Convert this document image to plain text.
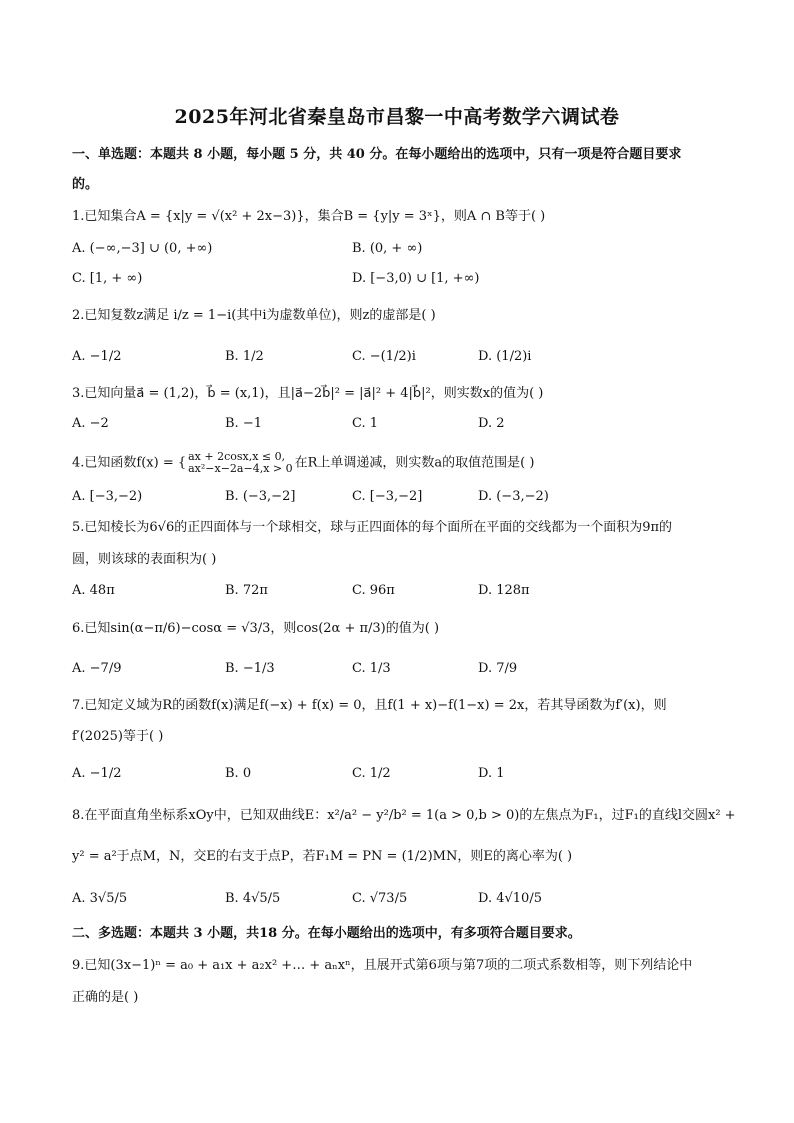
2025年河北省秦皇岛市昌黎一中高考数学六调试卷
一、单选题：本题共 8 小题，每小题 5 分，共 40 分。在每小题给出的选项中，只有一项是符合题目要求
的。
1.已知集合A = {x|y = √(x² + 2x−3)}，集合B = {y|y = 3ˣ}，则A ∩ B等于( )
A. (−∞,−3] ∪ (0, +∞)	B. (0, + ∞)
C. [1, + ∞)	D. [−3,0) ∪ [1, +∞)
2.已知复数z满足 i/z = 1−i(其中i为虚数单位)，则z的虚部是( )
A. −1/2	B. 1/2	C. −(1/2)i	D. (1/2)i
3.已知向量a⃗ = (1,2)，b⃗ = (x,1)，且|a⃗−2b⃗|² = |a⃗|² + 4|b⃗|²，则实数x的值为( )
A. −2	B. −1	C. 1	D. 2
4.已知函数f(x) = { ax + 2cosx,x ≤ 0,
ax²−x−2a−4,x > 0 在R上单调递减，则实数a的取值范围是( )
A. [−3,−2)	B. (−3,−2]	C. [−3,−2]	D. (−3,−2)
5.已知棱长为6√6的正四面体与一个球相交，球与正四面体的每个面所在平面的交线都为一个面积为9π的
圆，则该球的表面积为( )
A. 48π	B. 72π	C. 96π	D. 128π
6.已知sin(α−π/6)−cosα = √3/3，则cos(2α + π/3)的值为( )
A. −7/9	B. −1/3	C. 1/3	D. 7/9
7.已知定义域为R的函数f(x)满足f(−x) + f(x) = 0，且f(1 + x)−f(1−x) = 2x，若其导函数为f′(x)，则
f′(2025)等于( )
A. −1/2	B. 0	C. 1/2	D. 1
8.在平面直角坐标系xOy中，已知双曲线E：x²/a² − y²/b² = 1(a > 0,b > 0)的左焦点为F₁，过F₁的直线l交圆x² +
y² = a²于点M，N，交E的右支于点P，若F₁M = PN = (1/2)MN，则E的离心率为( )
A. 3√5/5	B. 4√5/5	C. √73/5	D. 4√10/5
二、多选题：本题共 3 小题，共18 分。在每小题给出的选项中，有多项符合题目要求。
9.已知(3x−1)ⁿ = a₀ + a₁x + a₂x² +… + aₙxⁿ，且展开式第6项与第7项的二项式系数相等，则下列结论中
正确的是( )
